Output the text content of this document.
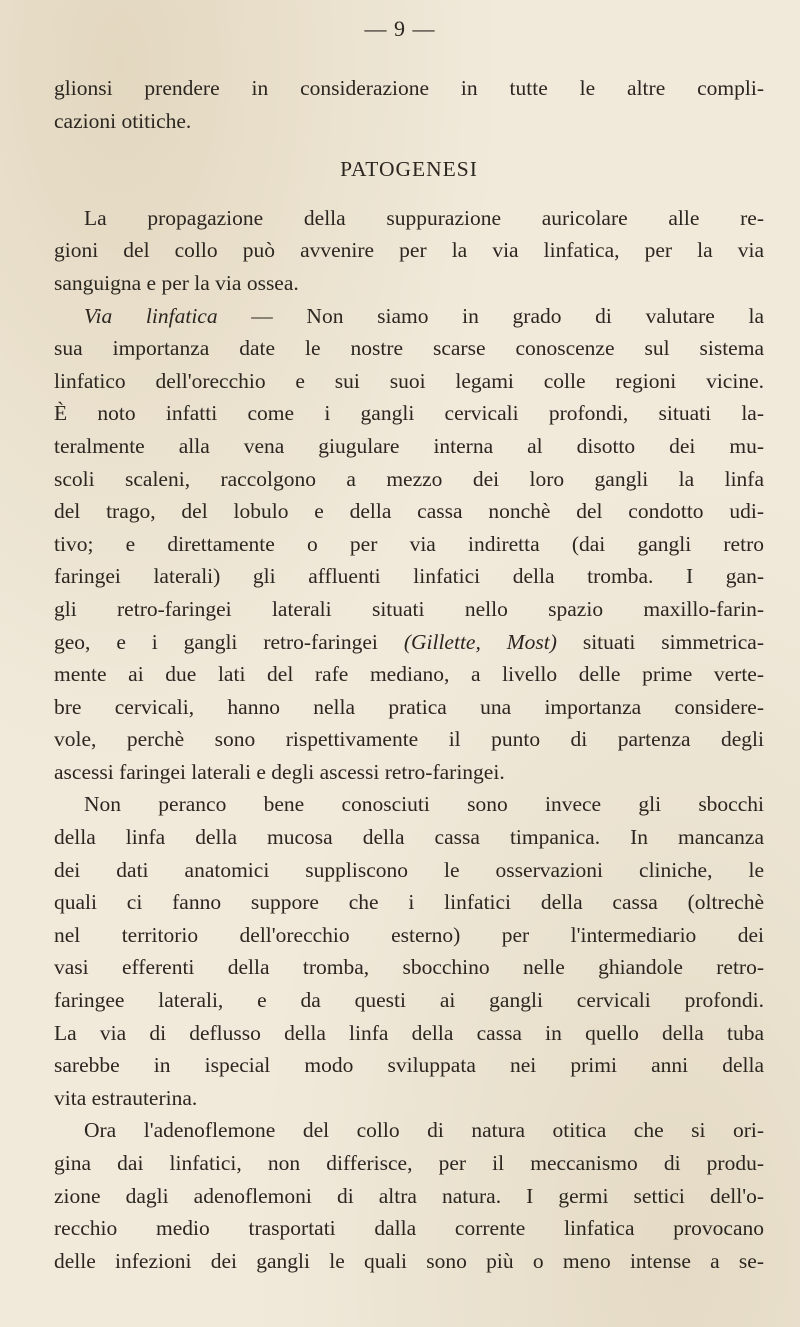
— 9 —
glionsi prendere in considerazione in tutte le altre compli-
cazioni otitiche.
PATOGENESI
La propagazione della suppurazione auricolare alle re-
gioni del collo può avvenire per la via linfatica, per la via
sanguigna e per la via ossea.
Via linfatica — Non siamo in grado di valutare la
sua importanza date le nostre scarse conoscenze sul sistema
linfatico dell'orecchio e sui suoi legami colle regioni vicine.
È noto infatti come i gangli cervicali profondi, situati la-
teralmente alla vena giugulare interna al disotto dei mu-
scoli scaleni, raccolgono a mezzo dei loro gangli la linfa
del trago, del lobulo e della cassa nonchè del condotto udi-
tivo; e direttamente o per via indiretta (dai gangli retro
faringei laterali) gli affluenti linfatici della tromba. I gan-
gli retro-faringei laterali situati nello spazio maxillo-farin-
geo, e i gangli retro-faringei (Gillette, Most) situati simmetrica-
mente ai due lati del rafe mediano, a livello delle prime verte-
bre cervicali, hanno nella pratica una importanza considere-
vole, perchè sono rispettivamente il punto di partenza degli
ascessi faringei laterali e degli ascessi retro-faringei.
Non peranco bene conosciuti sono invece gli sbocchi
della linfa della mucosa della cassa timpanica. In mancanza
dei dati anatomici suppliscono le osservazioni cliniche, le
quali ci fanno suppore che i linfatici della cassa (oltrechè
nel territorio dell'orecchio esterno) per l'intermediario dei
vasi efferenti della tromba, sbocchino nelle ghiandole retro-
faringee laterali, e da questi ai gangli cervicali profondi.
La via di deflusso della linfa della cassa in quello della tuba
sarebbe in ispecial modo sviluppata nei primi anni della
vita estrauterina.
Ora l'adenoflemone del collo di natura otitica che si ori-
gina dai linfatici, non differisce, per il meccanismo di produ-
zione dagli adenoflemoni di altra natura. I germi settici dell'o-
recchio medio trasportati dalla corrente linfatica provocano
delle infezioni dei gangli le quali sono più o meno intense a se-
